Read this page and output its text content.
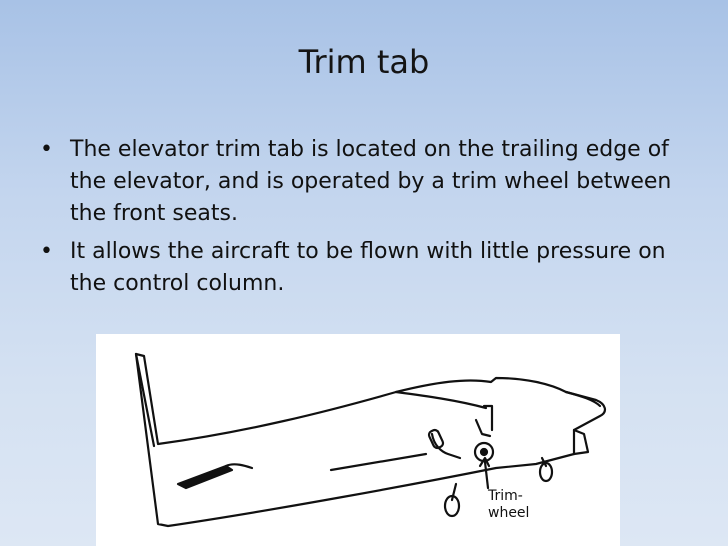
Trim tab
• The elevator trim tab is located on the trailing edge of the elevator, and is operated by a trim wheel between the front seats.
• It allows the aircraft to be flown with little pressure on the control column.
Trim-
wheel
